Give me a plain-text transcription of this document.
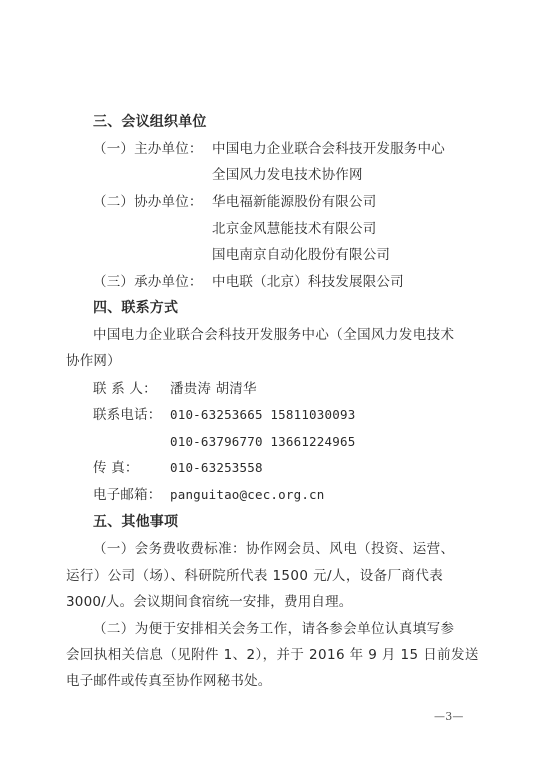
三、会议组织单位
（一）主办单位： 中国电力企业联合会科技开发服务中心
全国风力发电技术协作网
（二）协办单位： 华电福新能源股份有限公司
北京金风慧能技术有限公司
国电南京自动化股份有限公司
（三）承办单位： 中电联（北京）科技发展限公司
四、联系方式
中国电力企业联合会科技开发服务中心（全国风力发电技术
协作网）
联 系 人： 潘贵涛 胡清华
联系电话： 010-63253665 15811030093
010-63796770 13661224965
传 真：	010-63253558
电子邮箱： panguitao@cec.org.cn
五、其他事项
（一）会务费收费标准：协作网会员、风电（投资、运营、
运行）公司（场）、科研院所代表 1500 元/人，设备厂商代表
3000/人。会议期间食宿统一安排，费用自理。
（二）为便于安排相关会务工作，请各参会单位认真填写参
会回执相关信息（见附件 1、2），并于 2016 年 9 月 15 日前发送
电子邮件或传真至协作网秘书处。
—3—
